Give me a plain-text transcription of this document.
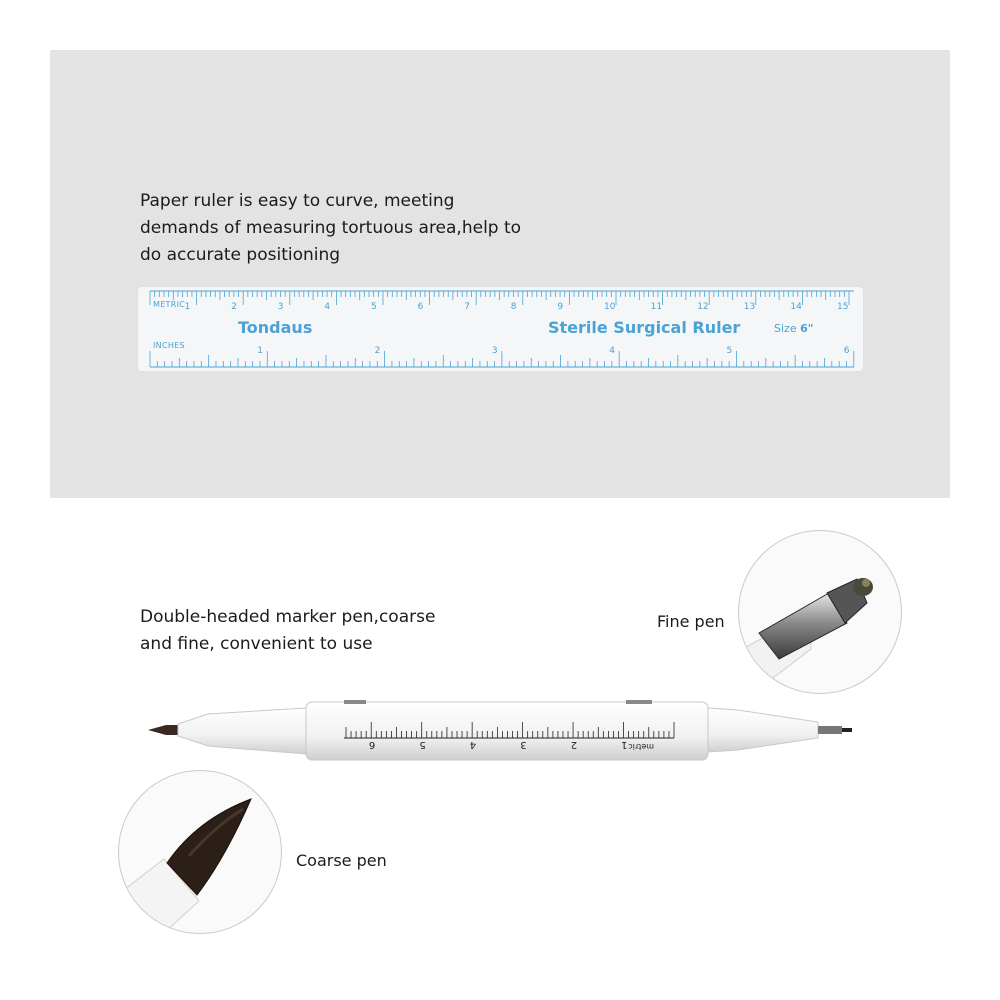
Paper ruler is easy to curve, meeting
demands of measuring tortuous area,help to
do accurate positioning
1	2	3	4	5	6	7	8	9	10	11	12	13	14	15
1	2	3	4	5	6
METRIC
INCHES
Tondaus	Sterile Surgical Ruler	Size 6"
Double-headed marker pen,coarse
and fine, convenient to use
Fine pen
Coarse pen
metric
1
2
3
4
5
6
